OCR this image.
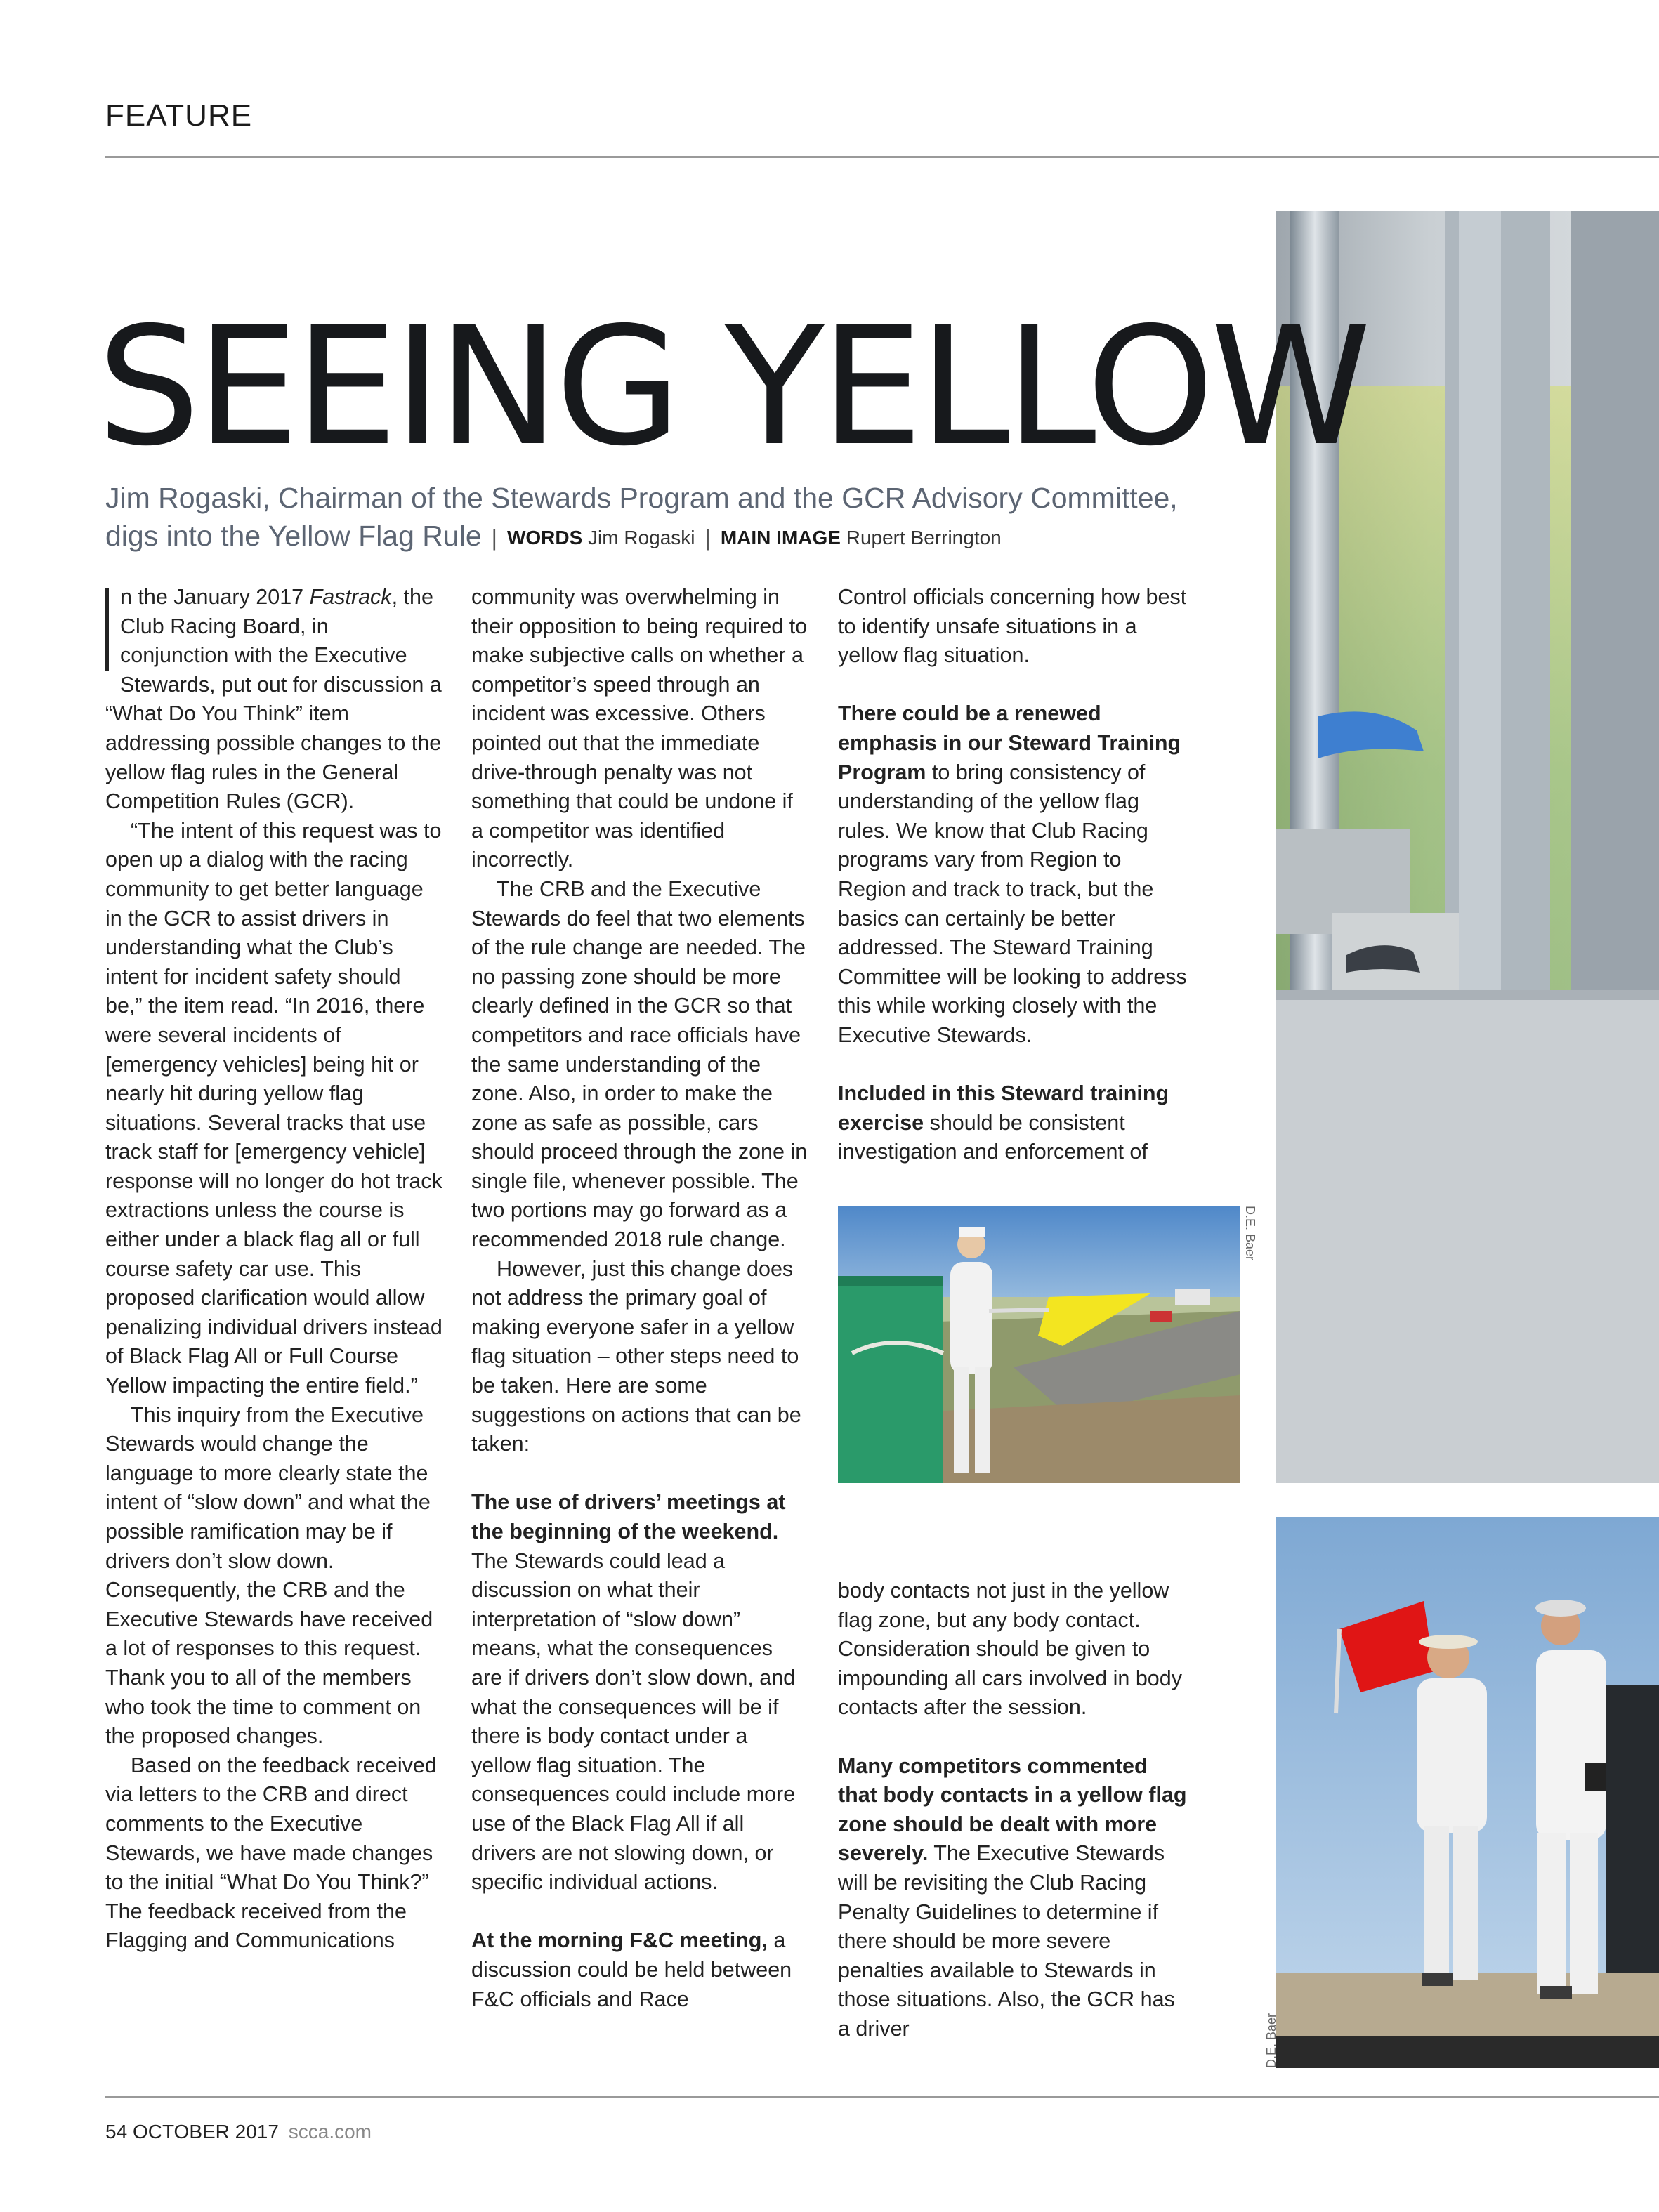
FEATURE
SEEING YELLOW
Jim Rogaski, Chairman of the Stewards Program and the GCR Advisory Committee,
digs into the Yellow Flag Rule | WORDS Jim Rogaski | MAIN IMAGE Rupert Berrington

n the January 2017 Fastrack, the Club Racing Board, in conjunction with the Executive Stewards, put out for discussion a “What Do You Think” item addressing possible changes to the yellow flag rules in the General Competition Rules (GCR).

“The intent of this request was to open up a dialog with the racing community to get better language in the GCR to assist drivers in understanding what the Club’s intent for incident safety should be,” the item read. “In 2016, there were several incidents of [emergency vehicles] being hit or nearly hit during yellow flag situations. Several tracks that use track staff for [emergency vehicle] response will no longer do hot track extractions unless the course is either under a black flag all or full course safety car use. This proposed clarification would allow penalizing individual drivers instead of Black Flag All or Full Course Yellow impacting the entire field.”

This inquiry from the Executive Stewards would change the language to more clearly state the intent of “slow down” and what the possible ramification may be if drivers don’t slow down. Consequently, the CRB and the Executive Stewards have received a lot of responses to this request. Thank you to all of the members who took the time to comment on the proposed changes.

Based on the feedback received via letters to the CRB and direct comments to the Executive Stewards, we have made changes to the initial “What Do You Think?” The feedback received from the Flagging and Communications

community was overwhelming in their opposition to being required to make subjective calls on whether a competitor’s speed through an incident was excessive. Others pointed out that the immediate drive-through penalty was not something that could be undone if a competitor was identified incorrectly.

The CRB and the Executive Stewards do feel that two elements of the rule change are needed. The no passing zone should be more clearly defined in the GCR so that competitors and race officials have the same understanding of the zone. Also, in order to make the zone as safe as possible, cars should proceed through the zone in single file, whenever possible. The two portions may go forward as a recommended 2018 rule change.

However, just this change does not address the primary goal of making everyone safer in a yellow flag situation – other steps need to be taken. Here are some suggestions on actions that can be taken:

The use of drivers’ meetings at the beginning of the weekend. The Stewards could lead a discussion on what their interpretation of “slow down” means, what the consequences are if drivers don’t slow down, and what the consequences will be if there is body contact under a yellow flag situation. The consequences could include more use of the Black Flag All if all drivers are not slowing down, or specific individual actions.

At the morning F&C meeting, a discussion could be held between F&C officials and Race

Control officials concerning how best to identify unsafe situations in a yellow flag situation.

There could be a renewed emphasis in our Steward Training Program to bring consistency of understanding of the yellow flag rules. We know that Club Racing programs vary from Region to Region and track to track, but the basics can certainly be better addressed. The Steward Training Committee will be looking to address this while working closely with the Executive Stewards.

Included in this Steward training exercise should be consistent investigation and enforcement of

D.E. Baer

body contacts not just in the yellow flag zone, but any body contact. Consideration should be given to impounding all cars involved in body contacts after the session.

Many competitors commented that body contacts in a yellow flag zone should be dealt with more severely. The Executive Stewards will be revisiting the Club Racing Penalty Guidelines to determine if there should be more severe penalties available to Stewards in those situations. Also, the GCR has a driver	D.E. Baer
54 OCTOBER 2017 scca.com
